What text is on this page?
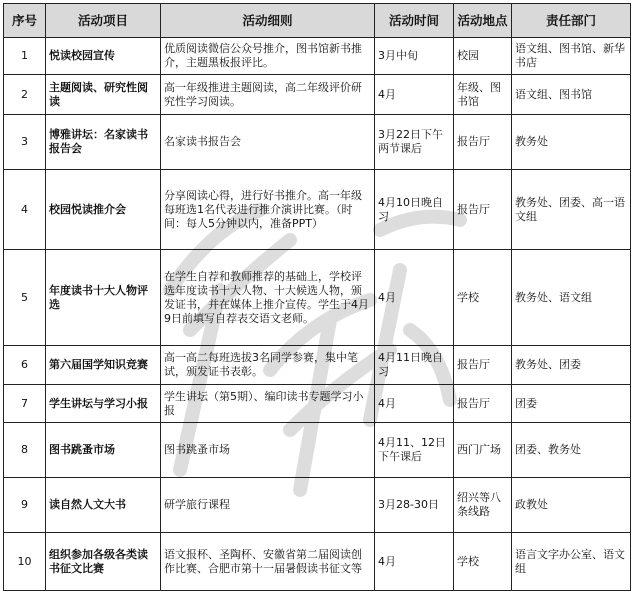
序号	活动项目	活动细则	活动时间	活动地点	责任部门
1	悦读校园宣传	优质阅读微信公众号推介，图书馆新书推介，主题黑板报评比。	3月中旬	校园	语文组、图书馆、新华书店
2	主题阅读、研究性阅读	高一年级推进主题阅读，高二年级评价研究性学习阅读。	4月	年级、图书馆	语文组、图书馆
3	博雅讲坛：名家读书报告会	名家读书报告会	3月22日下午两节课后	报告厅	教务处
4	校园悦读推介会	分享阅读心得，进行好书推介。高一年级每班选1名代表进行推介演讲比赛。（时间：每人5分钟以内，准备PPT）	4月10日晚自习	报告厅	教务处、团委、高一语文组
5	年度读书十大人物评选	在学生自荐和教师推荐的基础上，学校评选年度读书十大人物、十大候选人物，颁发证书，并在媒体上推介宣传。学生于4月9日前填写自荐表交语文老师。	4月	学校	教务处、语文组
6	第六届国学知识竞赛	高一高二每班选拔3名同学参赛，集中笔试，颁发证书表彰。	4月11日晚自习	报告厅	教务处、团委
7	学生讲坛与学习小报	学生讲坛（第5期）、编印读书专题学习小报	4月	报告厅	团委
8	图书跳蚤市场	图书跳蚤市场	4月11、12日下午课后	西门广场	团委、教务处
9	读自然人文大书	研学旅行课程	3月28-30日	绍兴等八条线路	政教处
10	组织参加各级各类读书征文比赛	语文报杯、圣陶杯、安徽省第二届阅读创作比赛、合肥市第十一届暑假读书征文等	4月	学校	语言文字办公室、语文组
